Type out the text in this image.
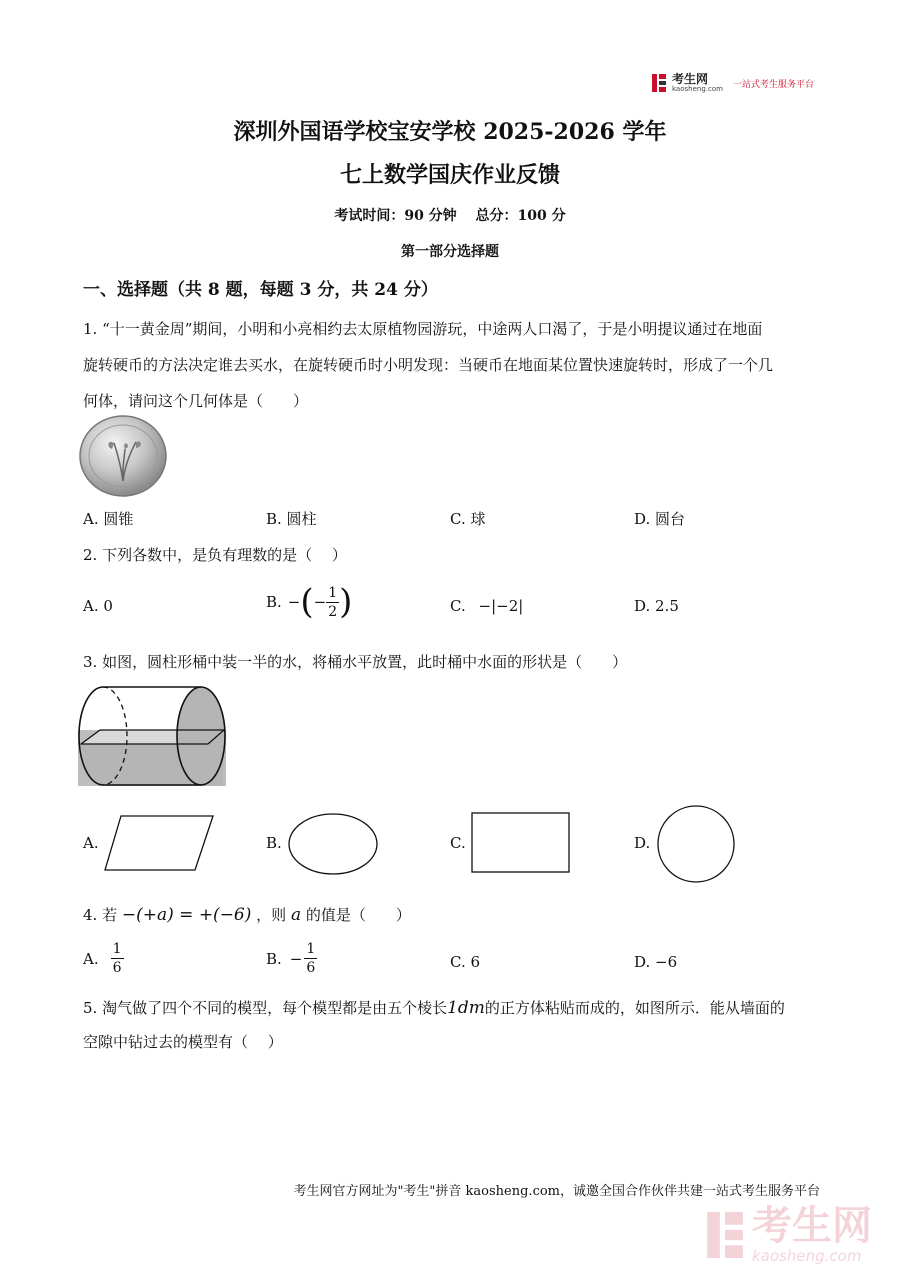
考生网
kaosheng.com 一站式考生服务平台
深圳外国语学校宝安学校 2025-2026 学年
七上数学国庆作业反馈
考试时间：90 分钟　 总分：100 分
第一部分选择题
一、选择题（共 8 题，每题 3 分，共 24 分）
1. “十一黄金周”期间，小明和小亮相约去太原植物园游玩，中途两人口渴了，于是小明提议通过在地面
旋转硬币的方法决定谁去买水，在旋转硬币时小明发现：当硬币在地面某位置快速旋转时，形成了一个几
何体，请问这个几何体是（　　）
A. 圆锥	B. 圆柱	C. 球	D. 圆台
2. 下列各数中，是负有理数的是（　 ）
A. 0	B. − ( − $\frac{1}{2}$ )	C. −|−2|	D. 2.5
3. 如图，圆柱形桶中装一半的水，将桶水平放置，此时桶中水面的形状是（　　）
A.	B.	C.	D.
4. 若 −(+a) = +(−6) ，则 a 的值是（　　）
A. $\frac{1}{6}$	B. − $\frac{1}{6}$	C. 6	D. −6
5. 淘气做了四个不同的模型，每个模型都是由五个棱长1dm的正方体粘贴而成的，如图所示．能从墙面的
空隙中钻过去的模型有（　 ）
考生网官方网址为"考生"拼音 kaosheng.com，诚邀全国合作伙伴共建一站式考生服务平台
考生网
kaosheng.com
